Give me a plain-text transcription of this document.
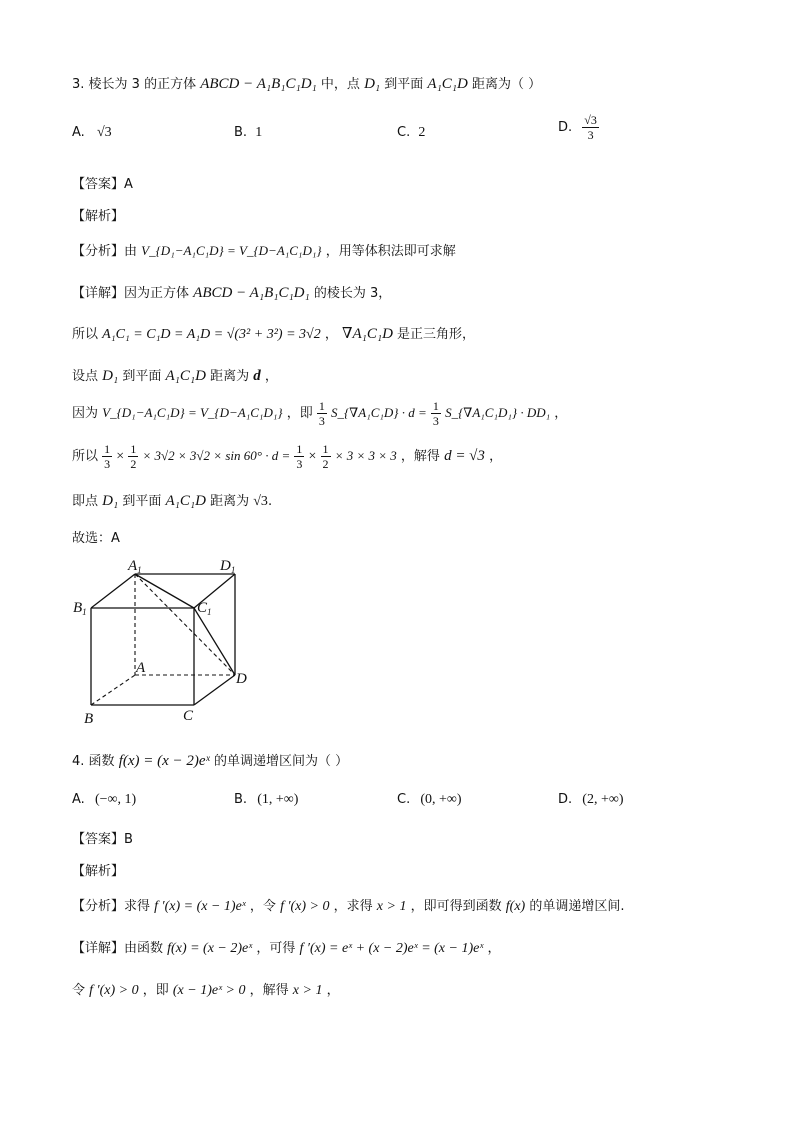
3. 棱长为 3 的正方体 ABCD − A₁B₁C₁D₁ 中，点 D₁ 到平面 A₁C₁D 距离为（ ）
A. √3	B. 1	C. 2	D. $\frac{√3}{3}$
【答案】A
【解析】
【分析】由 V_{D₁−A₁C₁D} = V_{D−A₁C₁D₁} ，用等体积法即可求解
【详解】因为正方体 ABCD − A₁B₁C₁D₁ 的棱长为 3，
所以 A₁C₁ = C₁D = A₁D = √(3² + 3²) = 3√2 ， ∇A₁C₁D 是正三角形，
设点 D₁ 到平面 A₁C₁D 距离为 d ，
因为 V_{D₁−A₁C₁D} = V_{D−A₁C₁D₁} ，即 $\frac{1}{3}$ S_{∇A₁C₁D} · $d = \frac{1}{3}$ S_{∇A₁C₁D₁} · DD₁ ，
所以 $\frac{1}{3} \times \frac{1}{2} \times 3√2 \times 3√2 \times \sin 60^\circ \cdot d = \frac{1}{3} \times \frac{1}{2} \times 3 \times 3 \times 3$ ，解得 d = √3 ，
即点 D₁ 到平面 A₁C₁D 距离为 √3.
故选：A
$A_1$	$D_1$
$B_1$	$C_1$
A
D
B	C
4. 函数 f(x) = (x − 2)eˣ 的单调递增区间为（ ）
A. (−∞, 1)	B. (1, +∞)	C. (0, +∞)	D. (2, +∞)
【答案】B
【解析】
【分析】求得 f ′(x) = (x − 1)eˣ ，令 f ′(x) > 0 ，求得 x > 1 ，即可得到函数 f(x) 的单调递增区间.
【详解】由函数 f(x) = (x − 2)eˣ ，可得 f ′(x) = eˣ + (x − 2)eˣ = (x − 1)eˣ ，
令 f ′(x) > 0 ，即 (x − 1)eˣ > 0 ，解得 x > 1 ，
